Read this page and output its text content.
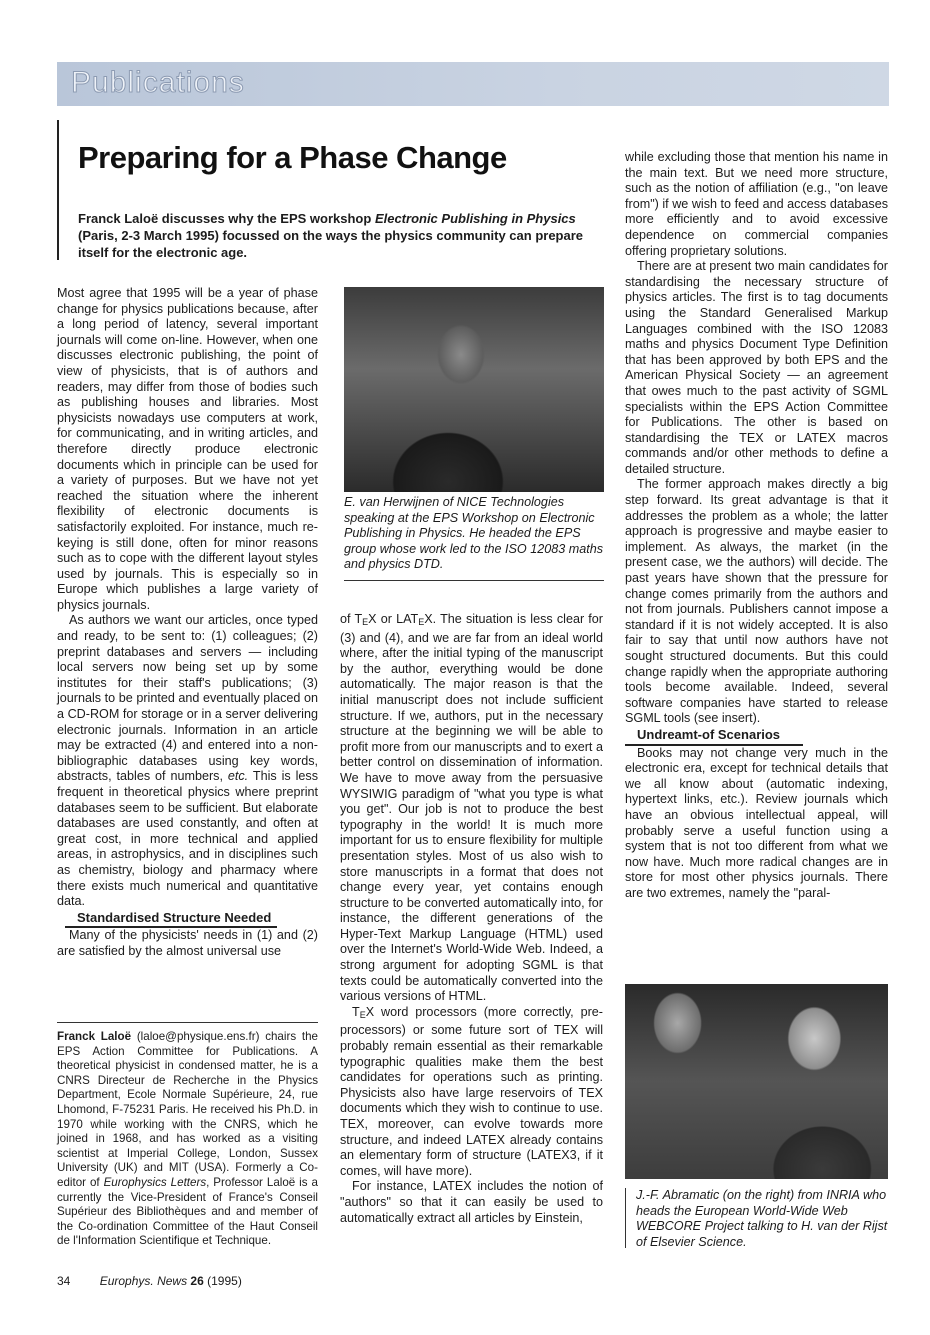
Publications
Preparing for a Phase Change

Franck Laloë discusses why the EPS workshop Electronic Publishing in Physics (Paris, 2-3 March 1995) focussed on the ways the physics community can prepare itself for the electronic age.

Most agree that 1995 will be a year of phase change for physics publications because, after a long period of latency, several important journals will come on-line. However, when one discusses electronic publishing, the point of view of physicists, that is of authors and readers, may differ from those of bodies such as publishing houses and libraries. Most physicists nowadays use computers at work, for communicating, and in writing articles, and therefore directly produce electronic documents which in principle can be used for a variety of purposes. But we have not yet reached the situation where the inherent flexibility of electronic documents is satisfactorily exploited. For instance, much re-keying is still done, often for minor reasons such as to cope with the different layout styles used by journals. This is especially so in Europe which publishes a large variety of physics journals.

As authors we want our articles, once typed and ready, to be sent to: (1) colleagues; (2) preprint databases and servers — including local servers now being set up by some institutes for their staff's publications; (3) journals to be printed and eventually placed on a CD-ROM for storage or in a server delivering electronic journals. Information in an article may be extracted (4) and entered into a non-bibliographic databases using key words, abstracts, tables of numbers, etc. This is less frequent in theoretical physics where preprint databases seem to be sufficient. But elaborate databases are used constantly, and often at great cost, in more technical and applied areas, in astrophysics, and in disciplines such as chemistry, biology and pharmacy where there exists much numerical and quantitative data.

Standardised Structure Needed

Many of the physicists' needs in (1) and (2) are satisfied by the almost universal use

Franck Laloë (laloe@physique.ens.fr) chairs the EPS Action Committee for Publications. A theoretical physicist in condensed matter, he is a CNRS Directeur de Recherche in the Physics Department, Ecole Normale Supérieure, 24, rue Lhomond, F-75231 Paris. He received his Ph.D. in 1970 while working with the CNRS, which he joined in 1968, and has worked as a visiting scientist at Imperial College, London, Sussex University (UK) and MIT (USA). Formerly a Co-editor of Europhysics Letters, Professor Laloë is a currently the Vice-President of France's Conseil Supérieur des Bibliothèques and and member of the Co-ordination Committee of the Haut Conseil de l'Information Scientifique et Technique.

E. van Herwijnen of NICE Technologies speaking at the EPS Workshop on Electronic Publishing in Physics. He headed the EPS group whose work led to the ISO 12083 maths and physics DTD.

of $T_EX$ or $LAT_EX$. The situation is less clear for (3) and (4), and we are far from an ideal world where, after the initial typing of the manuscript by the author, everything would be done automatically. The major reason is that the initial manuscript does not include sufficient structure. If we, authors, put in the necessary structure at the beginning we will be able to profit more from our manuscripts and to exert a better control on dissemination of information. We have to move away from the persuasive WYSIWIG paradigm of "what you type is what you get". Our job is not to produce the best typography in the world! It is much more important for us to ensure flexibility for multiple presentation styles. Most of us also wish to store manuscripts in a format that does not change every year, yet contains enough structure to be converted automatically into, for instance, the different generations of the Hyper-Text Markup Language (HTML) used over the Internet's World-Wide Web. Indeed, a strong argument for adopting SGML is that texts could be automatically converted into the various versions of HTML.

$T_EX$ word processors (more correctly, pre-processors) or some future sort of TEX will probably remain essential as their remarkable typographic qualities make them the best candidates for operations such as printing. Physicists also have large reservoirs of TEX documents which they wish to continue to use. TEX, moreover, can evolve towards more structure, and indeed LATEX already contains an elementary form of structure (LATEX3, if it comes, will have more).

For instance, LATEX includes the notion of "authors" so that it can easily be used to automatically extract all articles by Einstein,

while excluding those that mention his name in the main text. But we need more structure, such as the notion of affiliation (e.g., "on leave from") if we wish to feed and access databases more efficiently and to avoid excessive dependence on commercial companies offering proprietary solutions.

There are at present two main candidates for standardising the necessary structure of physics articles. The first is to tag documents using the Standard Generalised Markup Languages combined with the ISO 12083 maths and physics Document Type Definition that has been approved by both EPS and the American Physical Society — an agreement that owes much to the past activity of SGML specialists within the EPS Action Committee for Publications. The other is based on standardising the TEX or LATEX macros commands and/or other methods to define a detailed structure.

The former approach makes directly a big step forward. Its great advantage is that it addresses the problem as a whole; the latter approach is progressive and maybe easier to implement. As always, the market (in the present case, we the authors) will decide. The past years have shown that the pressure for change comes primarily from the authors and not from journals. Publishers cannot impose a standard if it is not widely accepted. It is also fair to say that until now authors have not sought structured documents. But this could change rapidly when the appropriate authoring tools become available. Indeed, several software companies have started to release SGML tools (see insert).

Undreamt-of Scenarios

Books may not change very much in the electronic era, except for technical details that we all know about (automatic indexing, hypertext links, etc.). Review journals which have an obvious intellectual appeal, will probably serve a useful function using a system that is not too different from what we now have. Much more radical changes are in store for most other physics journals. There are two extremes, namely the "paral-

J.-F. Abramatic (on the right) from INRIA who heads the European World-Wide Web WEBCORE Project talking to H. van der Rijst of Elsevier Science.

34 Europhys. News 26 (1995)
